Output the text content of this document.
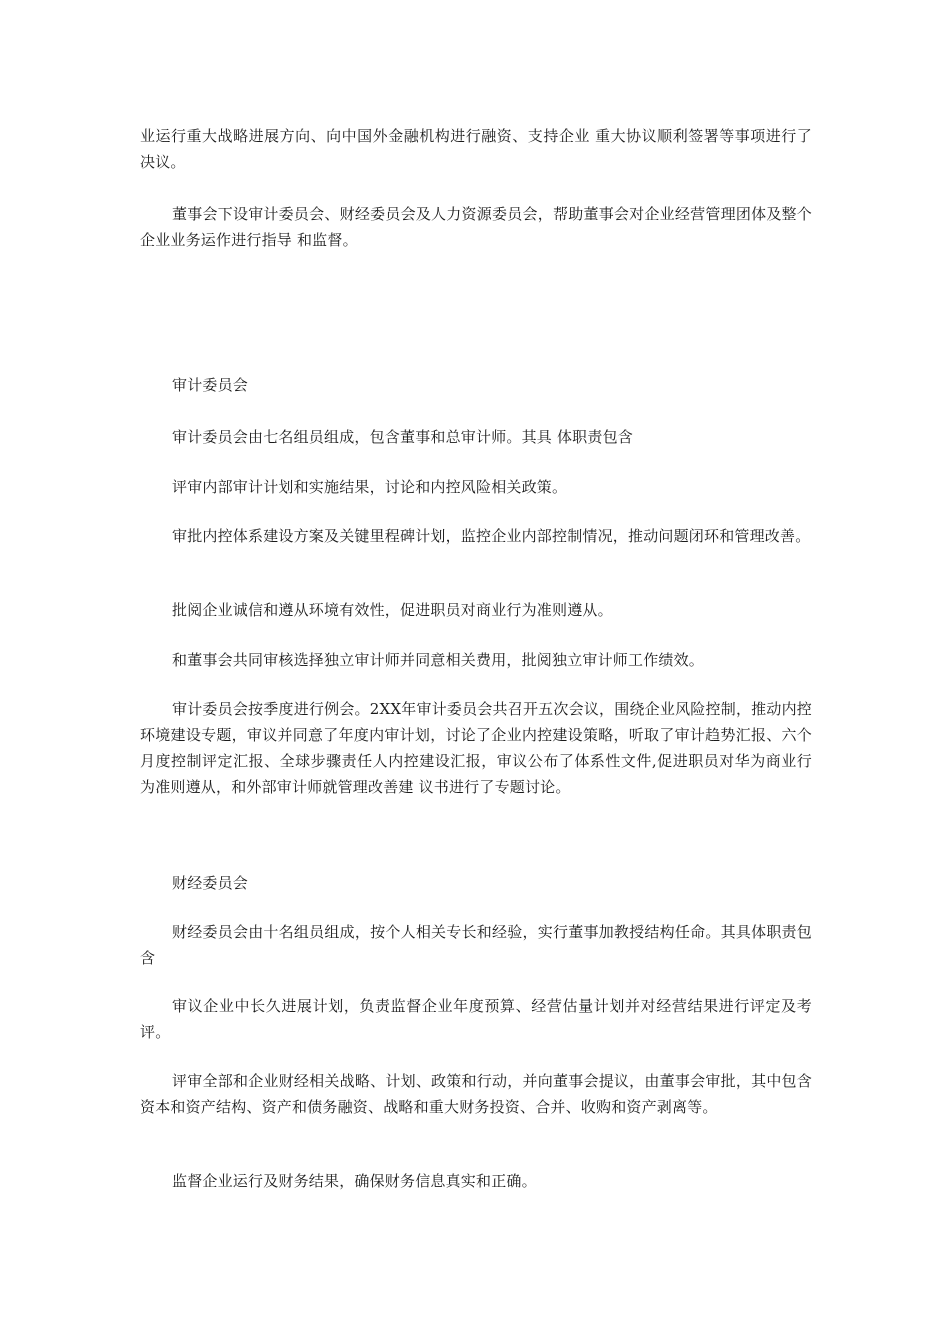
业运行重大战略进展方向、向中国外金融机构进行融资、支持企业 重大协议顺利签署等事项进行了决议。

董事会下设审计委员会、财经委员会及人力资源委员会，帮助董事会对企业经营管理团体及整个企业业务运作进行指导 和监督。

审计委员会

审计委员会由七名组员组成，包含董事和总审计师。其具 体职责包含

评审内部审计计划和实施结果，讨论和内控风险相关政策。

审批内控体系建设方案及关键里程碑计划，监控企业内部控制情况，推动问题闭环和管理改善。

批阅企业诚信和遵从环境有效性，促进职员对商业行为准则遵从。

和董事会共同审核选择独立审计师并同意相关费用，批阅独立审计师工作绩效。

审计委员会按季度进行例会。2XX年审计委员会共召开五次会议，围绕企业风险控制，推动内控环境建设专题，审议并同意了年度内审计划，讨论了企业内控建设策略，听取了审计趋势汇报、六个月度控制评定汇报、全球步骤责任人内控建设汇报，审议公布了体系性文件,促进职员对华为商业行为准则遵从，和外部审计师就管理改善建 议书进行了专题讨论。

财经委员会

财经委员会由十名组员组成，按个人相关专长和经验，实行董事加教授结构任命。其具体职责包含

审议企业中长久进展计划，负责监督企业年度预算、经营估量计划并对经营结果进行评定及考评。

评审全部和企业财经相关战略、计划、政策和行动，并向董事会提议，由董事会审批，其中包含资本和资产结构、资产和债务融资、战略和重大财务投资、合并、收购和资产剥离等。

监督企业运行及财务结果，确保财务信息真实和正确。
